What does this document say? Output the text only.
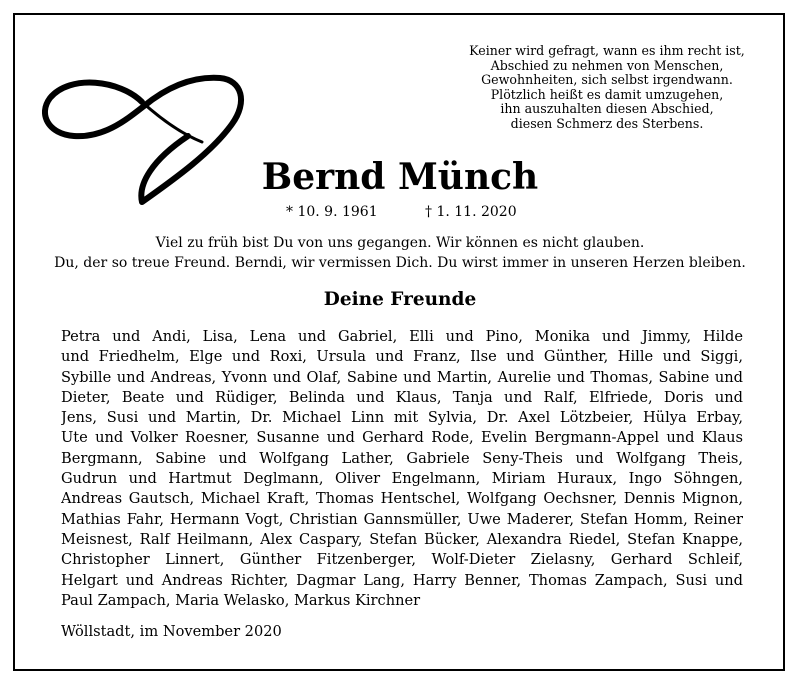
Keiner wird gefragt, wann es ihm recht ist,
Abschied zu nehmen von Menschen,
Gewohnheiten, sich selbst irgendwann.
Plötzlich heißt es damit umzugehen,
ihn auszuhalten diesen Abschied,
diesen Schmerz des Sterbens.
Bernd Münch
* 10. 9. 1961	† 1. 11. 2020
Viel zu früh bist Du von uns gegangen. Wir können es nicht glauben.
Du, der so treue Freund. Berndi, wir vermissen Dich. Du wirst immer in unseren Herzen bleiben.
Deine Freunde
Petra und Andi, Lisa, Lena und Gabriel, Elli und Pino, Monika und Jimmy, Hilde
und Friedhelm, Elge und Roxi, Ursula und Franz, Ilse und Günther, Hille und Siggi,
Sybille und Andreas, Yvonn und Olaf, Sabine und Martin, Aurelie und Thomas, Sabine und
Dieter, Beate und Rüdiger, Belinda und Klaus, Tanja und Ralf, Elfriede, Doris und
Jens, Susi und Martin, Dr. Michael Linn mit Sylvia, Dr. Axel Lötzbeier, Hülya Erbay,
Ute und Volker Roesner, Susanne und Gerhard Rode, Evelin Bergmann-Appel und Klaus
Bergmann, Sabine und Wolfgang Lather, Gabriele Seny-Theis und Wolfgang Theis,
Gudrun und Hartmut Deglmann, Oliver Engelmann, Miriam Huraux, Ingo Söhngen,
Andreas Gautsch, Michael Kraft, Thomas Hentschel, Wolfgang Oechsner, Dennis Mignon,
Mathias Fahr, Hermann Vogt, Christian Gannsmüller, Uwe Maderer, Stefan Homm, Reiner
Meisnest, Ralf Heilmann, Alex Caspary, Stefan Bücker, Alexandra Riedel, Stefan Knappe,
Christopher Linnert, Günther Fitzenberger, Wolf-Dieter Zielasny, Gerhard Schleif,
Helgart und Andreas Richter, Dagmar Lang, Harry Benner, Thomas Zampach, Susi und
Paul Zampach, Maria Welasko, Markus Kirchner
Wöllstadt, im November 2020
